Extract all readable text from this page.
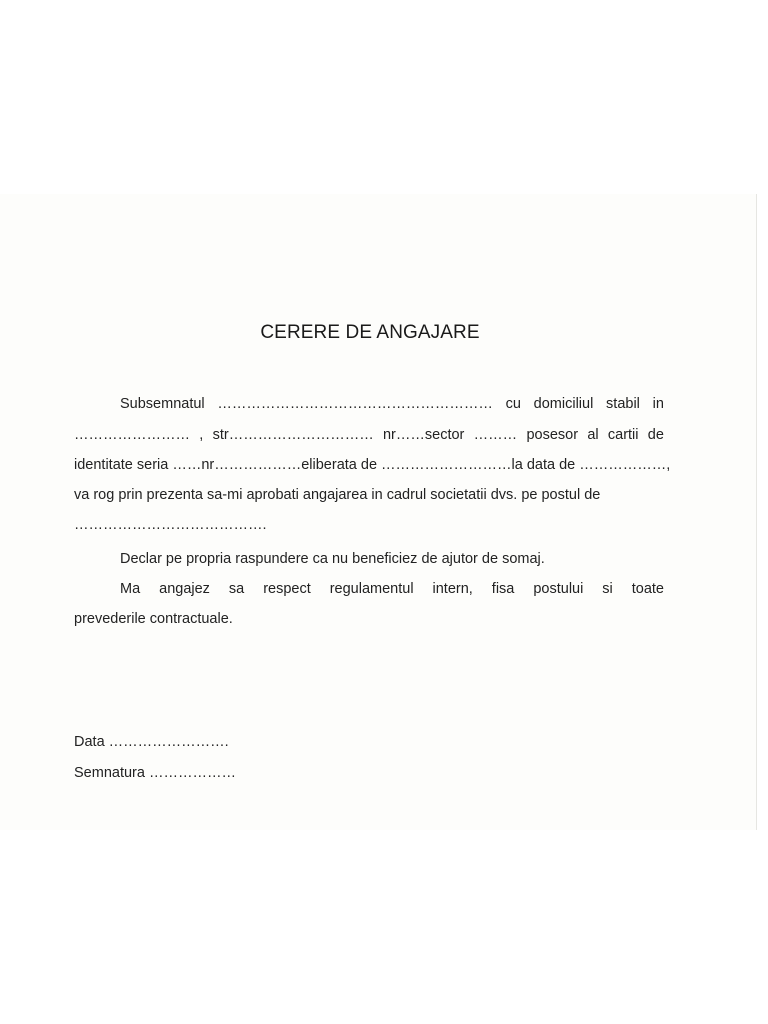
CERERE DE ANGAJARE
Subsemnatul ………………………………………………… cu domiciliul stabil in
…………………… , str………………………… nr……sector ……… posesor al cartii de
identitate seria ……nr………………eliberata de ……………………… la data de ………………,
va rog prin prezenta sa-mi aprobati angajarea in cadrul societatii dvs. pe postul de
………………………………….
Declar pe propria raspundere ca nu beneficiez de ajutor de somaj.
Ma angajez sa respect regulamentul intern, fisa postului si toate
prevederile contractuale.
Data …………………….
Semnatura ………………
